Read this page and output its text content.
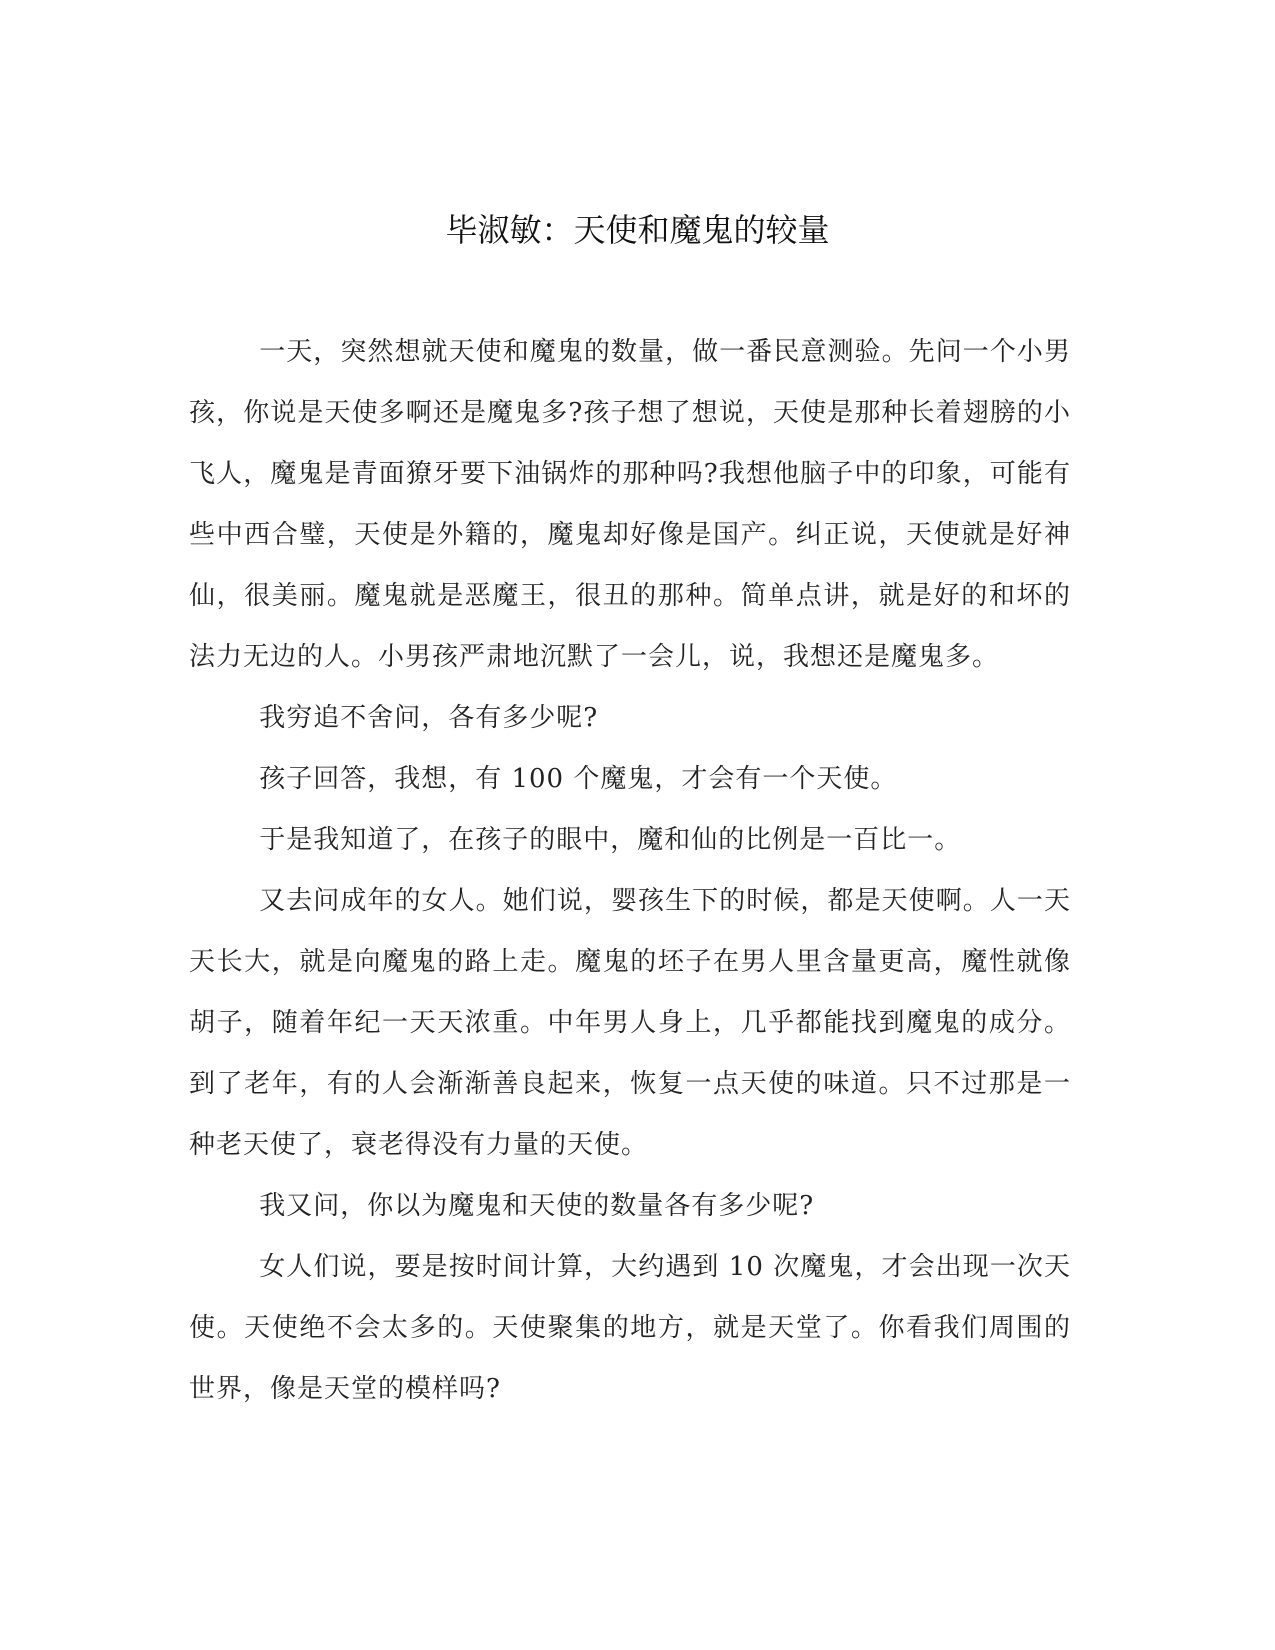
毕淑敏：天使和魔鬼的较量

一天，突然想就天使和魔鬼的数量，做一番民意测验。先问一个小男孩，你说是天使多啊还是魔鬼多?孩子想了想说，天使是那种长着翅膀的小飞人，魔鬼是青面獠牙要下油锅炸的那种吗?我想他脑子中的印象，可能有些中西合璧，天使是外籍的，魔鬼却好像是国产。纠正说，天使就是好神仙，很美丽。魔鬼就是恶魔王，很丑的那种。简单点讲，就是好的和坏的法力无边的人。小男孩严肃地沉默了一会儿，说，我想还是魔鬼多。

我穷追不舍问，各有多少呢?

孩子回答，我想，有 100 个魔鬼，才会有一个天使。

于是我知道了，在孩子的眼中，魔和仙的比例是一百比一。

又去问成年的女人。她们说，婴孩生下的时候，都是天使啊。人一天天长大，就是向魔鬼的路上走。魔鬼的坯子在男人里含量更高，魔性就像胡子，随着年纪一天天浓重。中年男人身上，几乎都能找到魔鬼的成分。到了老年，有的人会渐渐善良起来，恢复一点天使的味道。只不过那是一种老天使了，衰老得没有力量的天使。

我又问，你以为魔鬼和天使的数量各有多少呢?

女人们说，要是按时间计算，大约遇到 10 次魔鬼，才会出现一次天使。天使绝不会太多的。天使聚集的地方，就是天堂了。你看我们周围的世界，像是天堂的模样吗?
